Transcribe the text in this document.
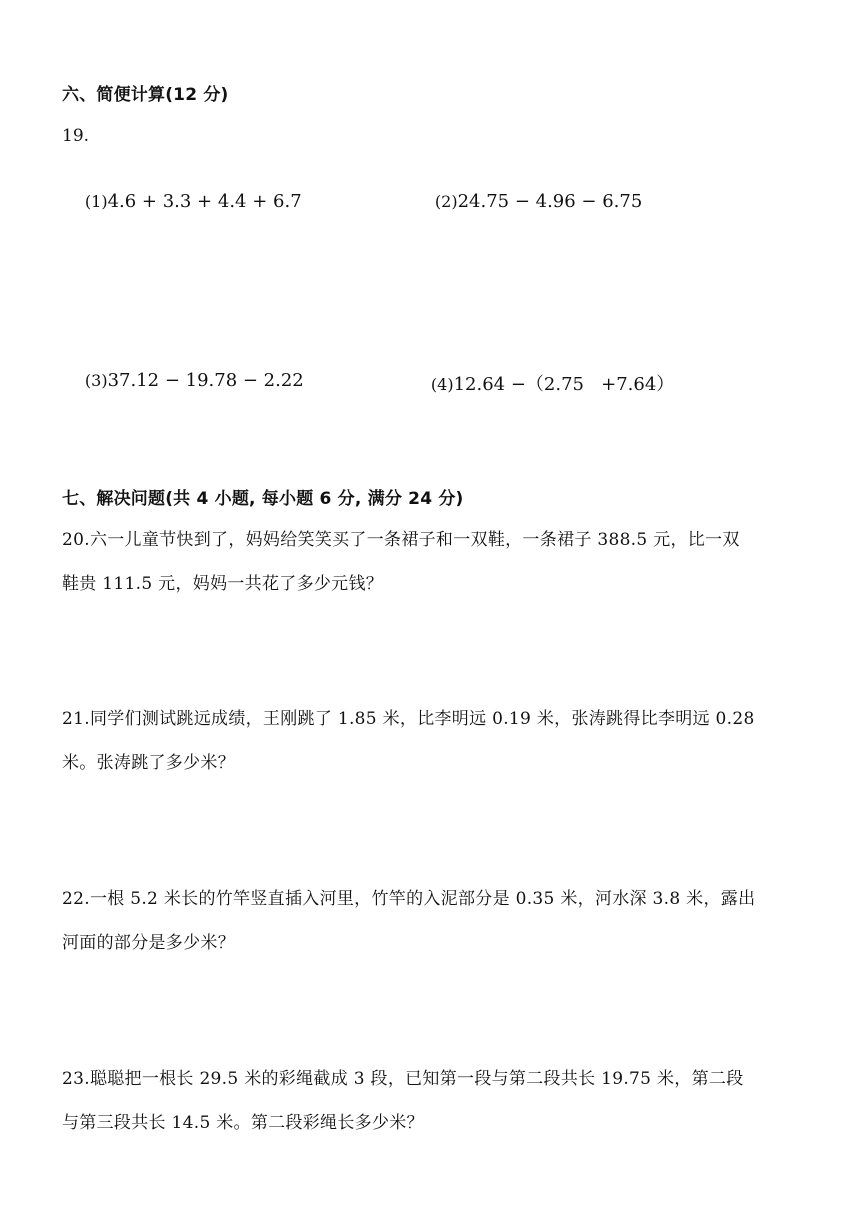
六、简便计算(12 分)
19.

(1)4.6 + 3.3 + 4.4 + 6.7
	(2)24.75 − 4.96 − 6.75

(3)37.12 − 19.78 − 2.22
	(4)12.64 −（2.75   +7.64）

七、解决问题(共 4 小题, 每小题 6 分, 满分 24 分)
20.六一儿童节快到了，妈妈给笑笑买了一条裙子和一双鞋，一条裙子 388.5 元，比一双
鞋贵 111.5 元，妈妈一共花了多少元钱？
21.同学们测试跳远成绩，王刚跳了 1.85 米，比李明远 0.19 米，张涛跳得比李明远 0.28
米。张涛跳了多少米？
22.一根 5.2 米长的竹竿竖直插入河里，竹竿的入泥部分是 0.35 米，河水深 3.8 米，露出
河面的部分是多少米？
23.聪聪把一根长 29.5 米的彩绳截成 3 段，已知第一段与第二段共长 19.75 米，第二段
与第三段共长 14.5 米。第二段彩绳长多少米？
